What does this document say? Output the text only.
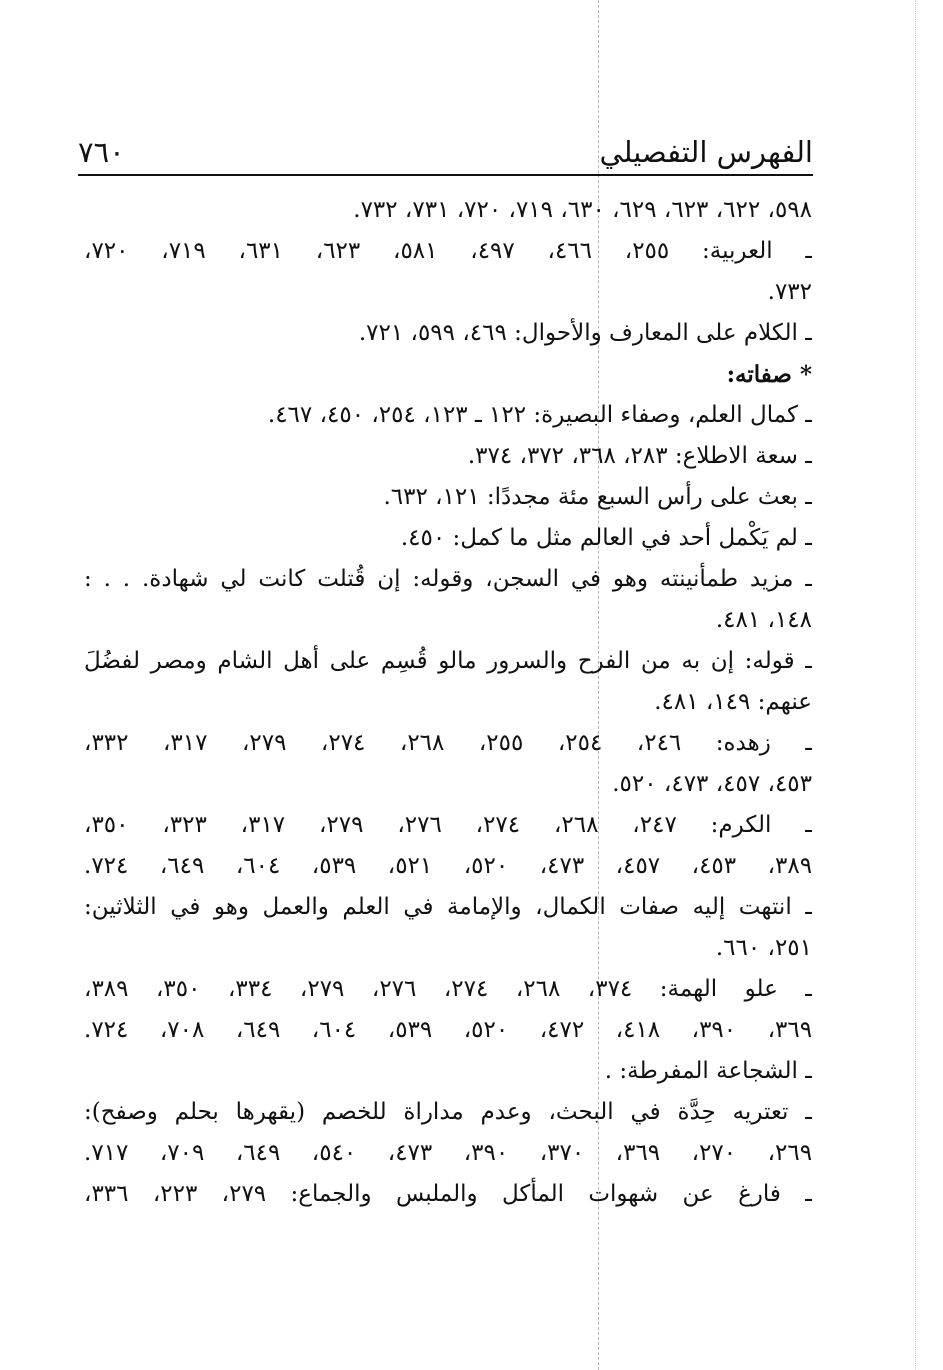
الفهرس التفصيلي
٧٦٠
٥٩٨، ٦٢٢، ٦٢٣، ٦٢٩، ٦٣٠، ٧١٩، ٧٢٠، ٧٣١، ٧٣٢.
ـ العربية: ٢٥٥، ٤٦٦، ٤٩٧، ٥٨١، ٦٢٣، ٦٣١، ٧١٩، ٧٢٠،
٧٣٢.
ـ الكلام على المعارف والأحوال: ٤٦٩، ٥٩٩، ٧٢١.
* صفاته:
ـ كمال العلم، وصفاء البصيرة: ١٢٢ ـ ١٢٣، ٢٥٤، ٤٥٠، ٤٦٧.
ـ سعة الاطلاع: ٢٨٣، ٣٦٨، ٣٧٢، ٣٧٤.
ـ بعث على رأس السبع مئة مجددًا: ١٢١، ٦٣٢.
ـ لم يَكْمل أحد في العالم مثل ما كمل: ٤٥٠.
ـ مزيد طمأنينته وهو في السجن، وقوله: إن قُتلت كانت لي شهادة. . . :
١٤٨، ٤٨١.
ـ قوله: إن به من الفرح والسرور مالو قُسِم على أهل الشام ومصر لفضُلَ
عنهم: ١٤٩، ٤٨١.
ـ زهده: ٢٤٦، ٢٥٤، ٢٥٥، ٢٦٨، ٢٧٤، ٢٧٩، ٣١٧، ٣٣٢،
٤٥٣، ٤٥٧، ٤٧٣، ٥٢٠.
ـ الكرم: ٢٤٧، ٢٦٨، ٢٧٤، ٢٧٦، ٢٧٩، ٣١٧، ٣٢٣، ٣٥٠،
٣٨٩، ٤٥٣، ٤٥٧، ٤٧٣، ٥٢٠، ٥٢١، ٥٣٩، ٦٠٤، ٦٤٩، ٧٢٤.
ـ انتهت إليه صفات الكمال، والإمامة في العلم والعمل وهو في الثلاثين:
٢٥١، ٦٦٠.
ـ علو الهمة: ٣٧٤، ٢٦٨، ٢٧٤، ٢٧٦، ٢٧٩، ٣٣٤، ٣٥٠، ٣٨٩،
٣٦٩، ٣٩٠، ٤١٨، ٤٧٢، ٥٢٠، ٥٣٩، ٦٠٤، ٦٤٩، ٧٠٨، ٧٢٤.
ـ الشجاعة المفرطة: .
ـ تعتريه حِدَّة في البحث، وعدم مداراة للخصم (يقهرها بحلم وصفح):
٢٦٩، ٢٧٠، ٣٦٩، ٣٧٠، ٣٩٠، ٤٧٣، ٥٤٠، ٦٤٩، ٧٠٩، ٧١٧.
ـ فارغ عن شهوات المأكل والملبس والجماع: ٢٧٩، ٢٢٣، ٣٣٦،
